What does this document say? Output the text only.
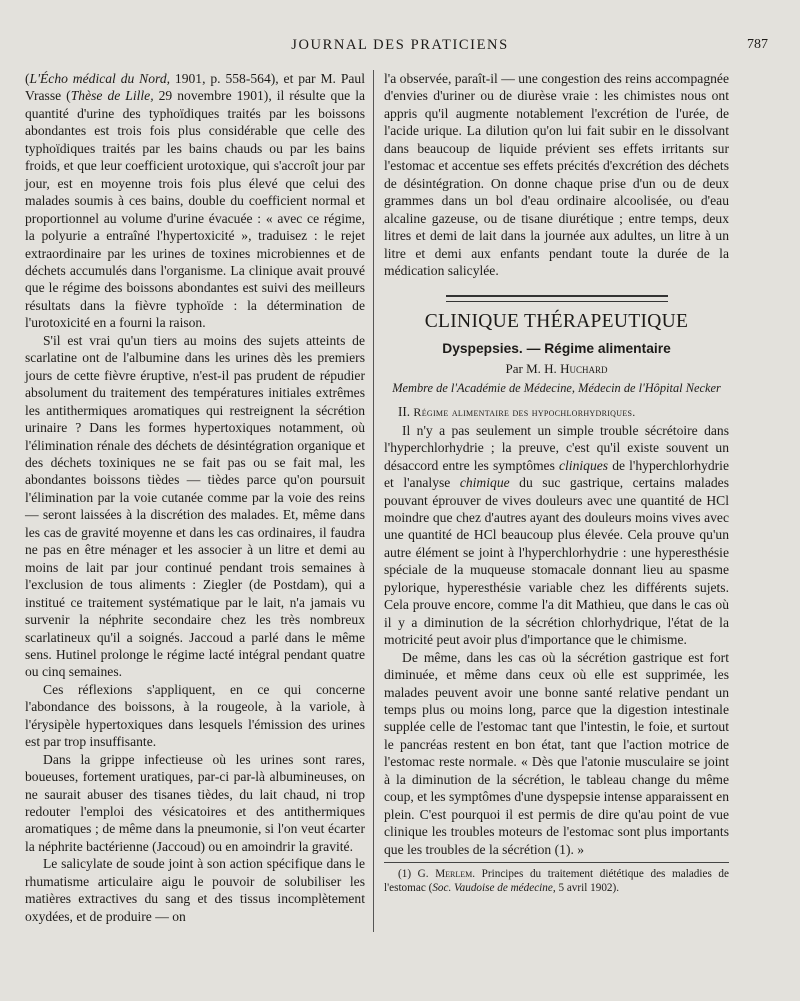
JOURNAL DES PRATICIENS	787

(L'Écho médical du Nord, 1901, p. 558-564), et par M. Paul Vrasse (Thèse de Lille, 29 novembre 1901), il résulte que la quantité d'urine des typhoïdiques traités par les boissons abondantes est trois fois plus considérable que celle des typhoïdiques traités par les bains chauds ou par les bains froids, et que leur coefficient urotoxique, qui s'accroît jour par jour, est en moyenne trois fois plus élevé que celui des malades soumis à ces bains, double du coefficient normal et proportionnel au volume d'urine évacuée : « avec ce régime, la polyurie a entraîné l'hypertoxicité », traduisez : le rejet extraordinaire par les urines de toxines microbiennes et de déchets accumulés dans l'organisme. La clinique avait prouvé que le régime des boissons abondantes est suivi des meilleurs résultats dans la fièvre typhoïde : la détermination de l'urotoxicité en a fourni la raison.

S'il est vrai qu'un tiers au moins des sujets atteints de scarlatine ont de l'albumine dans les urines dès les premiers jours de cette fièvre éruptive, n'est-il pas prudent de répudier absolument du traitement des températures initiales extrêmes les antithermiques aromatiques qui restreignent la sécrétion urinaire ? Dans les formes hypertoxiques notamment, où l'élimination rénale des déchets de désintégration organique et des déchets toxiniques ne se fait pas ou se fait mal, les abondantes boissons tièdes — tièdes parce qu'on poursuit l'élimination par la voie cutanée comme par la voie des reins — seront laissées à la discrétion des malades. Et, même dans les cas de gravité moyenne et dans les cas ordinaires, il faudra ne pas en être ménager et les associer à un litre et demi au moins de lait par jour continué pendant trois semaines à l'exclusion de tous aliments : Ziegler (de Postdam), qui a institué ce traitement systématique par le lait, n'a jamais vu survenir la néphrite secondaire chez les très nombreux scarlatineux qu'il a soignés. Jaccoud a parlé dans le même sens. Hutinel prolonge le régime lacté intégral pendant quatre ou cinq semaines.

Ces réflexions s'appliquent, en ce qui concerne l'abondance des boissons, à la rougeole, à la variole, à l'érysipèle hypertoxiques dans lesquels l'émission des urines est par trop insuffisante.

Dans la grippe infectieuse où les urines sont rares, boueuses, fortement uratiques, par-ci par-là albumineuses, on ne saurait abuser des tisanes tièdes, du lait chaud, ni trop redouter l'emploi des vésicatoires et des antithermiques aromatiques ; de même dans la pneumonie, si l'on veut écarter la néphrite bactérienne (Jaccoud) ou en amoindrir la gravité.

Le salicylate de soude joint à son action spécifique dans le rhumatisme articulaire aigu le pouvoir de solubiliser les matières extractives du sang et des tissus incomplètement oxydées, et de produire — on

l'a observée, paraît-il — une congestion des reins accompagnée d'envies d'uriner ou de diurèse vraie : les chimistes nous ont appris qu'il augmente notablement l'excrétion de l'urée, de l'acide urique. La dilution qu'on lui fait subir en le dissolvant dans beaucoup de liquide prévient ses effets irritants sur l'estomac et accentue ses effets précités d'excrétion des déchets de désintégration. On donne chaque prise d'un ou de deux grammes dans un bol d'eau ordinaire alcoolisée, ou d'eau alcaline gazeuse, ou de tisane diurétique ; entre temps, deux litres et demi de lait dans la journée aux adultes, un litre à un litre et demi aux enfants pendant toute la durée de la médication salicylée.

CLINIQUE THÉRAPEUTIQUE
Dyspepsies. — Régime alimentaire
Par M. H. Huchard
Membre de l'Académie de Médecine, Médecin de l'Hôpital Necker
II. Régime alimentaire des hypochlorhydriques.

Il n'y a pas seulement un simple trouble sécrétoire dans l'hyperchlorhydrie ; la preuve, c'est qu'il existe souvent un désaccord entre les symptômes cliniques de l'hyperchlorhydrie et l'analyse chimique du suc gastrique, certains malades pouvant éprouver de vives douleurs avec une quantité de HCl moindre que chez d'autres ayant des douleurs moins vives avec une quantité de HCl beaucoup plus élevée. Cela prouve qu'un autre élément se joint à l'hyperchlorhydrie : une hyperesthésie spéciale de la muqueuse stomacale donnant lieu au spasme pylorique, hyperesthésie variable chez les différents sujets. Cela prouve encore, comme l'a dit Mathieu, que dans le cas où il y a diminution de la sécrétion chlorhydrique, l'état de la motricité peut avoir plus d'importance que le chimisme.

De même, dans les cas où la sécrétion gastrique est fort diminuée, et même dans ceux où elle est supprimée, les malades peuvent avoir une bonne santé relative pendant un temps plus ou moins long, parce que la digestion intestinale supplée celle de l'estomac tant que l'intestin, le foie, et surtout le pancréas restent en bon état, tant que l'action motrice de l'estomac reste normale. « Dès que l'atonie musculaire se joint à la diminution de la sécrétion, le tableau change du même coup, et les symptômes d'une dyspepsie intense apparaissent en plein. C'est pourquoi il est permis de dire qu'au point de vue clinique les troubles moteurs de l'estomac sont plus importants que les troubles de la sécrétion (1). »

(1) G. Merlem. Principes du traitement diététique des maladies de l'estomac (Soc. Vaudoise de médecine, 5 avril 1902).
